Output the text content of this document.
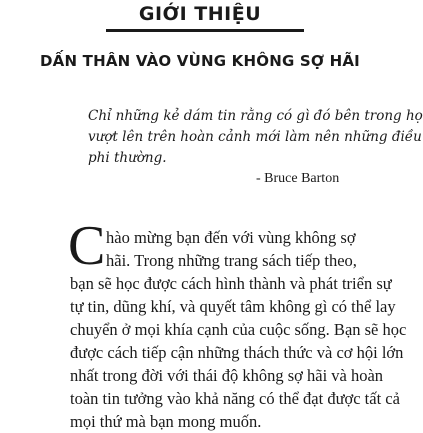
GIỚI THIỆU
DẤN THÂN VÀO VÙNG KHÔNG SỢ HÃI
Chỉ những kẻ dám tin rằng có gì đó bên trong họ
vượt lên trên hoàn cảnh mới làm nên những điều
phi thường.

- Bruce Barton

C hào mừng bạn đến với vùng không sợ
hãi. Trong những trang sách tiếp theo,
bạn sẽ học được cách hình thành và phát triển sự
tự tin, dũng khí, và quyết tâm không gì có thể lay
chuyển ở mọi khía cạnh của cuộc sống. Bạn sẽ học
được cách tiếp cận những thách thức và cơ hội lớn
nhất trong đời với thái độ không sợ hãi và hoàn
toàn tin tưởng vào khả năng có thể đạt được tất cả
mọi thứ mà bạn mong muốn.
